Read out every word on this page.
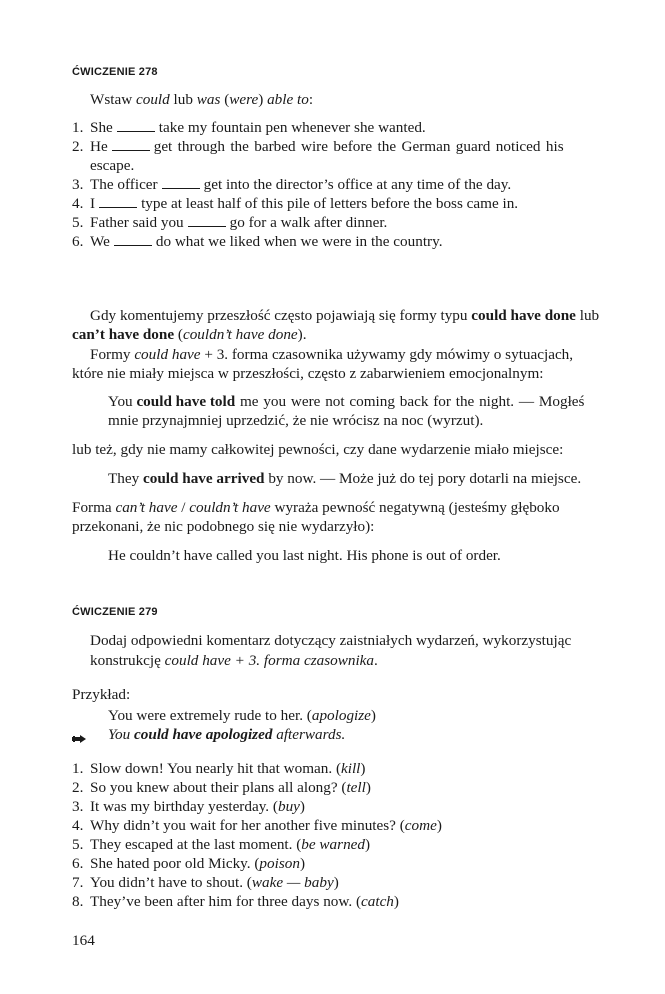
ĆWICZENIE 278
Wstaw could lub was (were) able to:
1. She	take my fountain pen whenever she wanted.
2. He	get through the barbed wire before the German guard noticed his
escape.
3. The officer	get into the director’s office at any time of the day.
4. I	type at least half of this pile of letters before the boss came in.
5. Father said you	go for a walk after dinner.
6. We	do what we liked when we were in the country.
Gdy komentujemy przeszłość często pojawiają się formy typu could have done lub
can’t have done (couldn’t have done).
Formy could have + 3. forma czasownika używamy gdy mówimy o sytuacjach,
które nie miały miejsca w przeszłości, często z zabarwieniem emocjonalnym:
You could have told me you were not coming back for the night. — Mogłeś
mnie przynajmniej uprzedzić, że nie wrócisz na noc (wyrzut).
lub też, gdy nie mamy całkowitej pewności, czy dane wydarzenie miało miejsce:
They could have arrived by now. — Może już do tej pory dotarli na miejsce.
Forma can’t have / couldn’t have wyraża pewność negatywną (jesteśmy głęboko
przekonani, że nic podobnego się nie wydarzyło):
He couldn’t have called you last night. His phone is out of order.
ĆWICZENIE 279
Dodaj odpowiedni komentarz dotyczący zaistniałych wydarzeń, wykorzystując
konstrukcję could have + 3. forma czasownika.
Przykład:
You were extremely rude to her. (apologize)
You could have apologized afterwards.
1. Slow down! You nearly hit that woman. (kill)
2. So you knew about their plans all along? (tell)
3. It was my birthday yesterday. (buy)
4. Why didn’t you wait for her another five minutes? (come)
5. They escaped at the last moment. (be warned)
6. She hated poor old Micky. (poison)
7. You didn’t have to shout. (wake — baby)
8. They’ve been after him for three days now. (catch)
164
